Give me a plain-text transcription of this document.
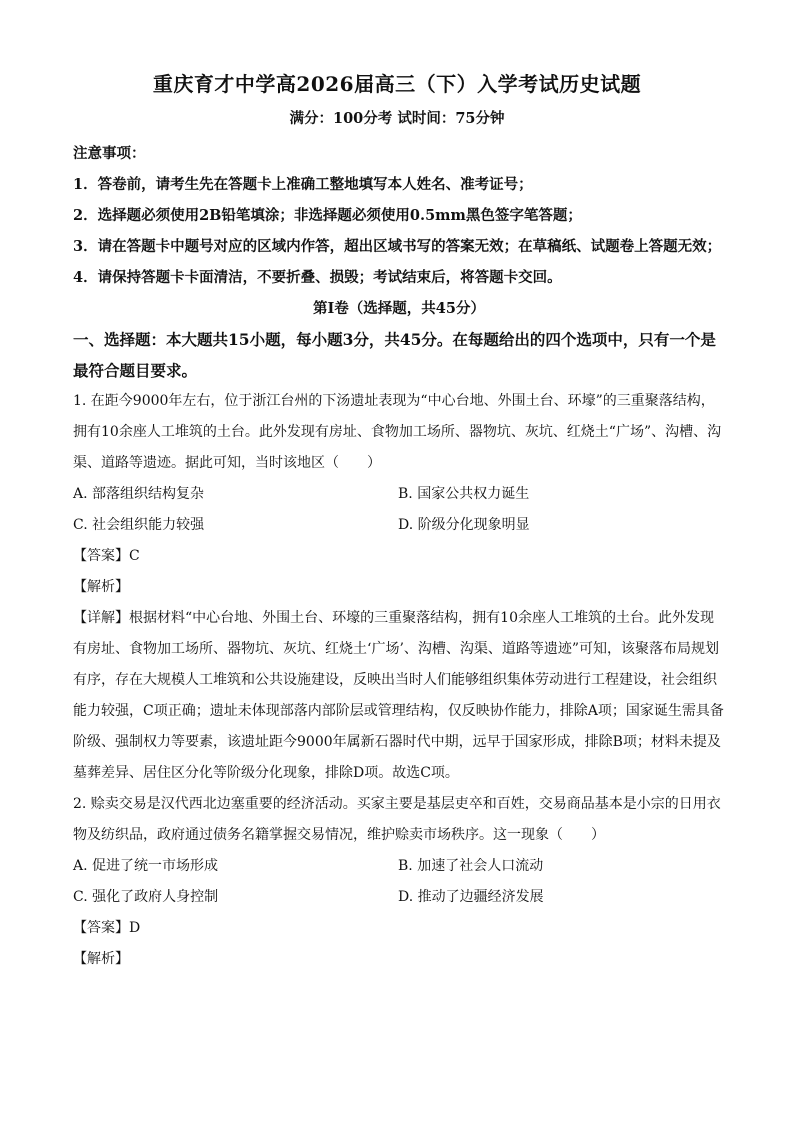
重庆育才中学高2026届高三（下）入学考试历史试题
满分：100分考 试时间：75分钟

注意事项：

1．答卷前，请考生先在答题卡上准确工整地填写本人姓名、准考证号；

2．选择题必须使用2B铅笔填涂；非选择题必须使用0.5mm黑色签字笔答题；

3．请在答题卡中题号对应的区域内作答，超出区域书写的答案无效；在草稿纸、试题卷上答题无效；

4．请保持答题卡卡面清洁，不要折叠、损毁；考试结束后，将答题卡交回。

第Ⅰ卷（选择题，共45分）

一、选择题：本大题共15小题，每小题3分，共45分。在每题给出的四个选项中，只有一个是最符合题目要求。

1. 在距今9000年左右，位于浙江台州的下汤遗址表现为“中心台地、外围土台、环壕”的三重聚落结构，拥有10余座人工堆筑的土台。此外发现有房址、食物加工场所、器物坑、灰坑、红烧土“广场”、沟槽、沟渠、道路等遗迹。据此可知，当时该地区（　　）

A. 部落组织结构复杂	B. 国家公共权力诞生
C. 社会组织能力较强	D. 阶级分化现象明显

【答案】C

【解析】

【详解】根据材料“中心台地、外围土台、环壕的三重聚落结构，拥有10余座人工堆筑的土台。此外发现有房址、食物加工场所、器物坑、灰坑、红烧土‘广场’、沟槽、沟渠、道路等遗迹”可知，该聚落布局规划有序，存在大规模人工堆筑和公共设施建设，反映出当时人们能够组织集体劳动进行工程建设，社会组织能力较强，C项正确；遗址未体现部落内部阶层或管理结构，仅反映协作能力，排除A项；国家诞生需具备阶级、强制权力等要素，该遗址距今9000年属新石器时代中期，远早于国家形成，排除B项；材料未提及墓葬差异、居住区分化等阶级分化现象，排除D项。故选C项。

2. 赊卖交易是汉代西北边塞重要的经济活动。买家主要是基层吏卒和百姓，交易商品基本是小宗的日用衣物及纺织品，政府通过债务名籍掌握交易情况，维护赊卖市场秩序。这一现象（　　）

A. 促进了统一市场形成	B. 加速了社会人口流动
C. 强化了政府人身控制	D. 推动了边疆经济发展

【答案】D

【解析】
